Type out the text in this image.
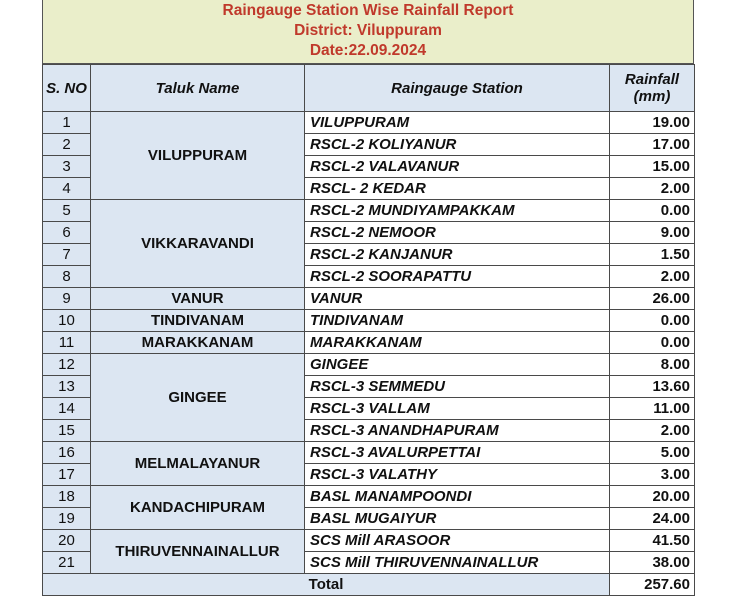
Raingauge Station Wise Rainfall Report
District: Viluppuram
Date:22.09.2024
S. NO	Taluk Name	Raingauge Station	Rainfall
(mm)
1	VILUPPURAM	VILUPPURAM	19.00
2		RSCL-2 KOLIYANUR	17.00
3		RSCL-2 VALAVANUR	15.00
4		RSCL- 2 KEDAR	2.00
5	VIKKARAVANDI	RSCL-2 MUNDIYAMPAKKAM	0.00
6		RSCL-2 NEMOOR	9.00
7		RSCL-2 KANJANUR	1.50
8		RSCL-2 SOORAPATTU	2.00
9	VANUR	VANUR	26.00
10	TINDIVANAM	TINDIVANAM	0.00
11	MARAKKANAM	MARAKKANAM	0.00
12	GINGEE	GINGEE	8.00
13		RSCL-3 SEMMEDU	13.60
14		RSCL-3 VALLAM	11.00
15		RSCL-3 ANANDHAPURAM	2.00
16	MELMALAYANUR	RSCL-3 AVALURPETTAI	5.00
17		RSCL-3 VALATHY	3.00
18	KANDACHIPURAM	BASL MANAMPOONDI	20.00
19		BASL MUGAIYUR	24.00
20	THIRUVENNAINALLUR	SCS Mill ARASOOR	41.50
21		SCS Mill THIRUVENNAINALLUR	38.00
Total			257.60
